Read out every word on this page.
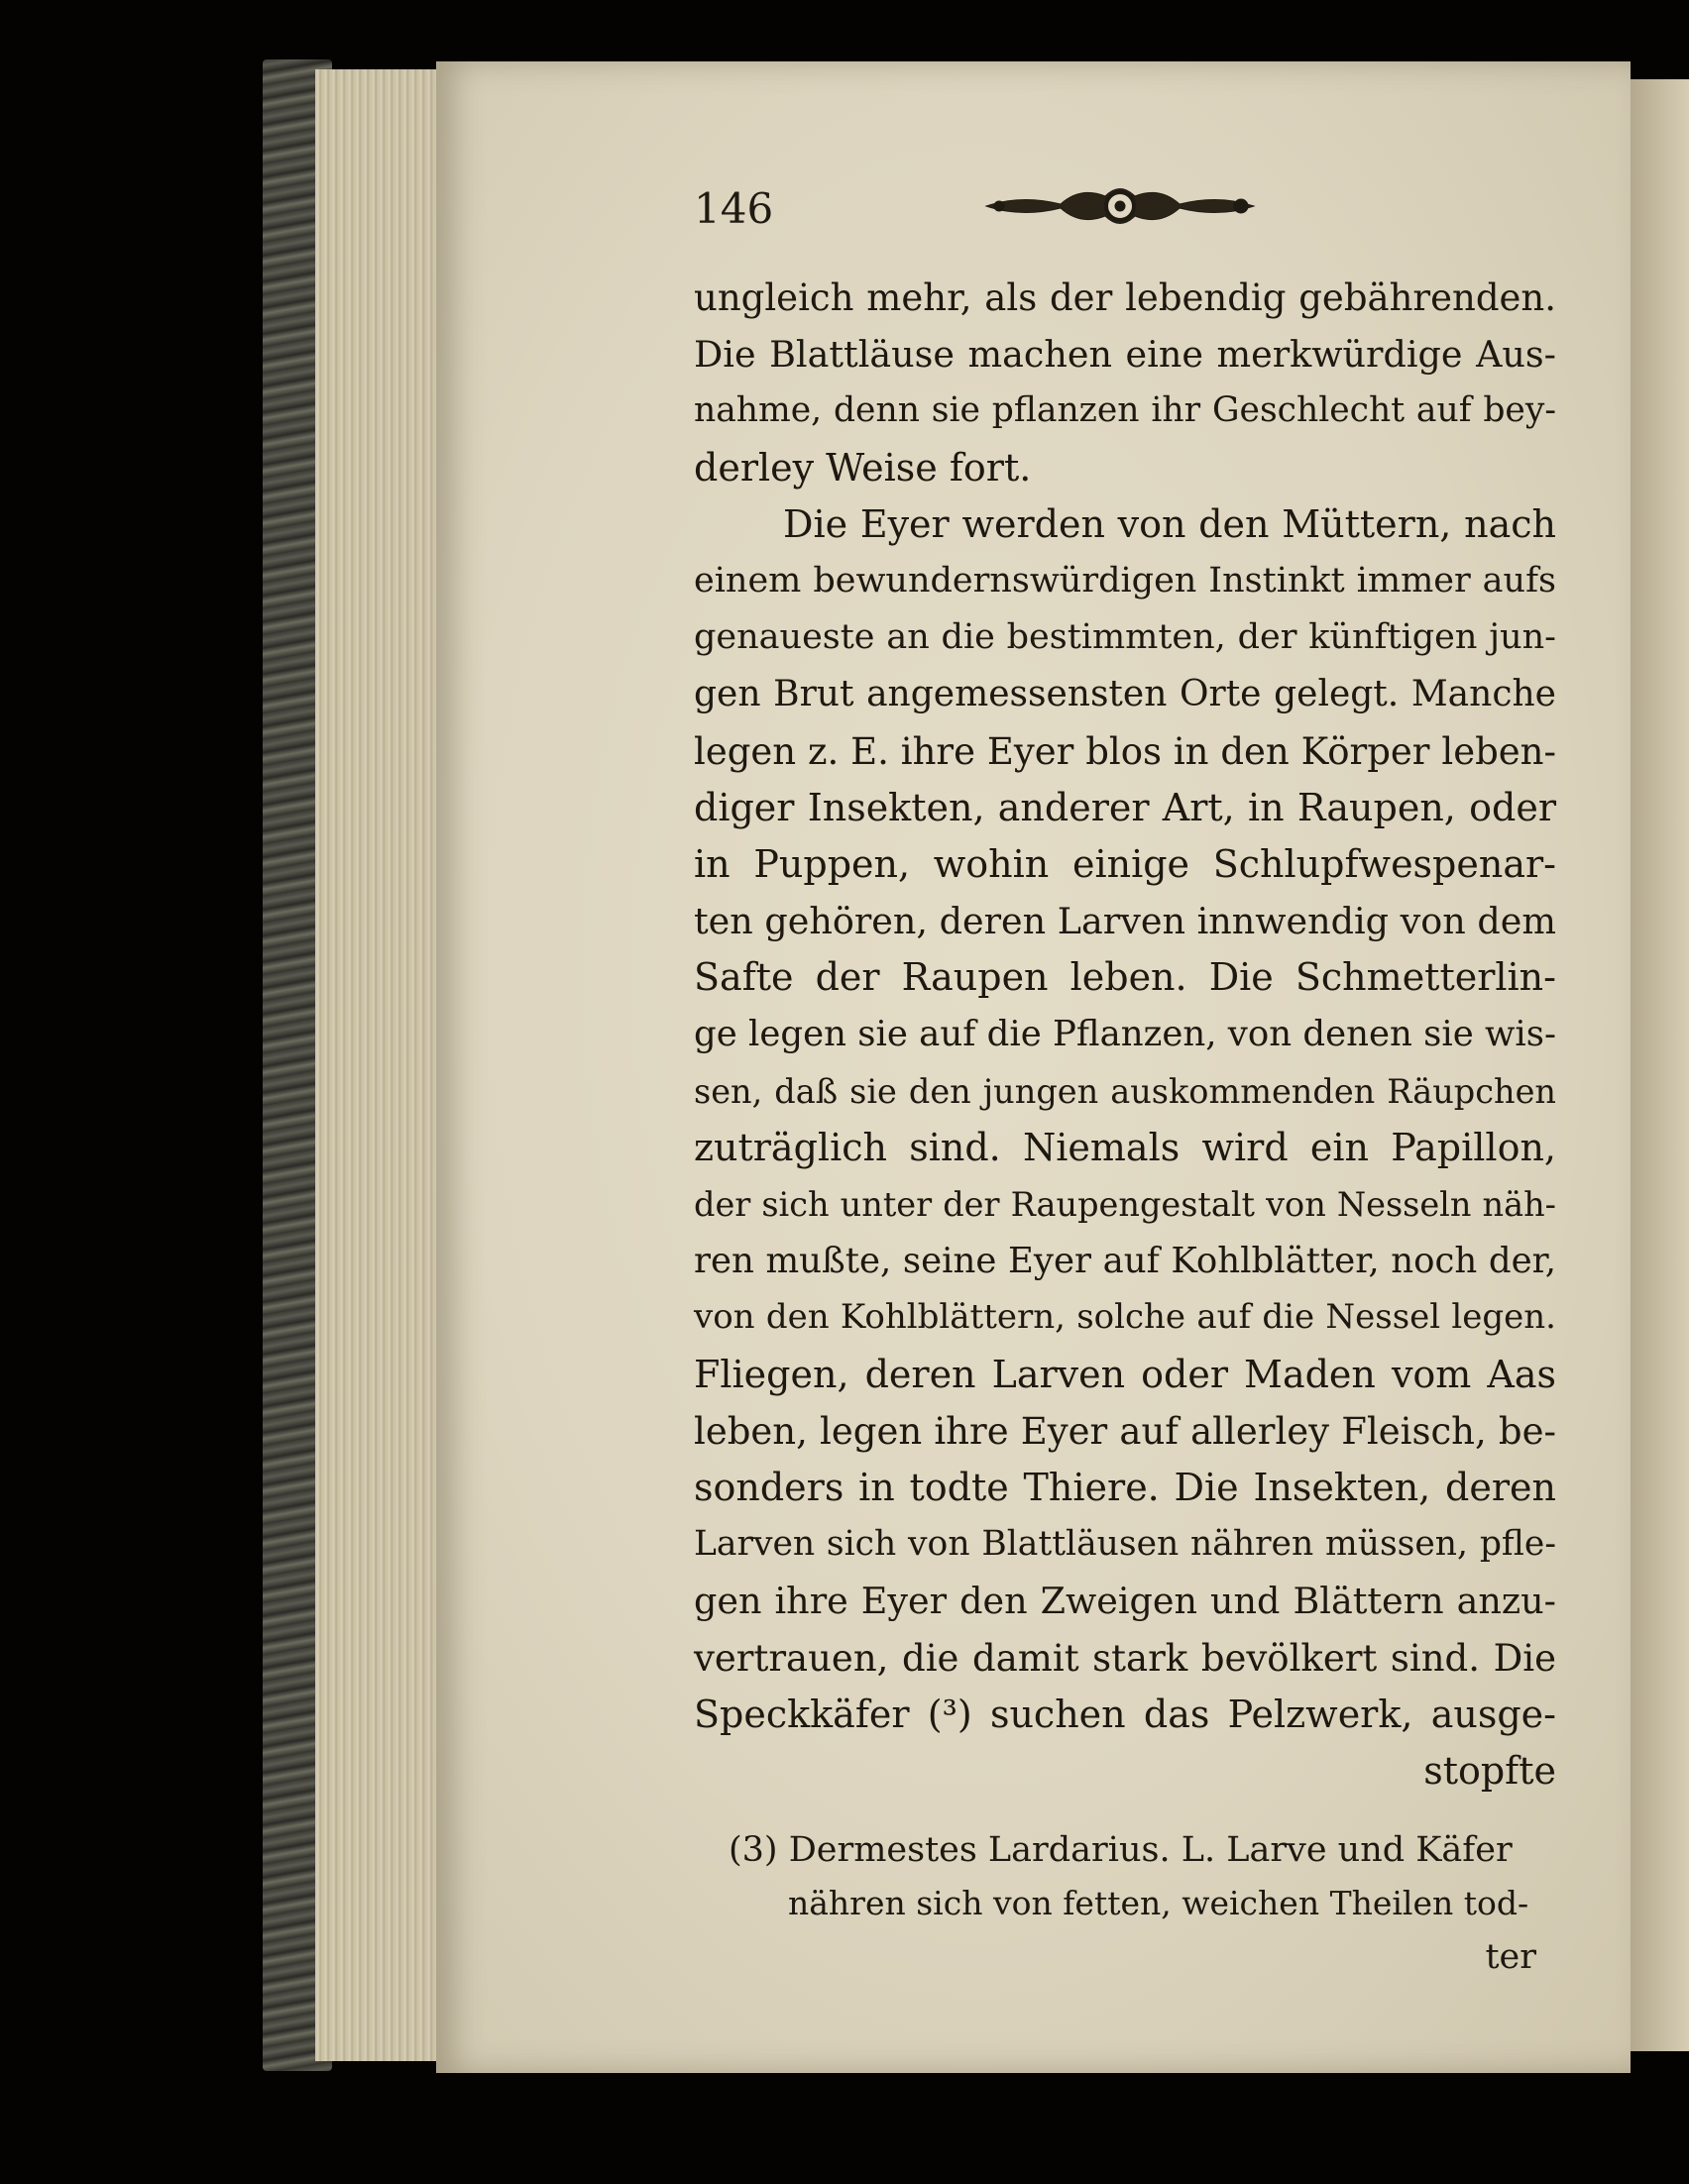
146
ungleich mehr, als der lebendig gebährenden.
Die Blattläuse machen eine merkwürdige Aus-
nahme, denn sie pflanzen ihr Geschlecht auf bey-
derley Weise fort.
Die Eyer werden von den Müttern, nach
einem bewundernswürdigen Instinkt immer aufs
genaueste an die bestimmten, der künftigen jun-
gen Brut angemessensten Orte gelegt. Manche
legen z. E. ihre Eyer blos in den Körper leben-
diger Insekten, anderer Art, in Raupen, oder
in Puppen, wohin einige Schlupfwespenar-
ten gehören, deren Larven innwendig von dem
Safte der Raupen leben. Die Schmetterlin-
ge legen sie auf die Pflanzen, von denen sie wis-
sen, daß sie den jungen auskommenden Räupchen
zuträglich sind. Niemals wird ein Papillon,
der sich unter der Raupengestalt von Nesseln näh-
ren mußte, seine Eyer auf Kohlblätter, noch der,
von den Kohlblättern, solche auf die Nessel legen.
Fliegen, deren Larven oder Maden vom Aas
leben, legen ihre Eyer auf allerley Fleisch, be-
sonders in todte Thiere. Die Insekten, deren
Larven sich von Blattläusen nähren müssen, pfle-
gen ihre Eyer den Zweigen und Blättern anzu-
vertrauen, die damit stark bevölkert sind. Die
Speckkäfer (³) suchen das Pelzwerk, ausge-
stopfte
(3) Dermestes Lardarius. L. Larve und Käfer
nähren sich von fetten, weichen Theilen tod-
ter
